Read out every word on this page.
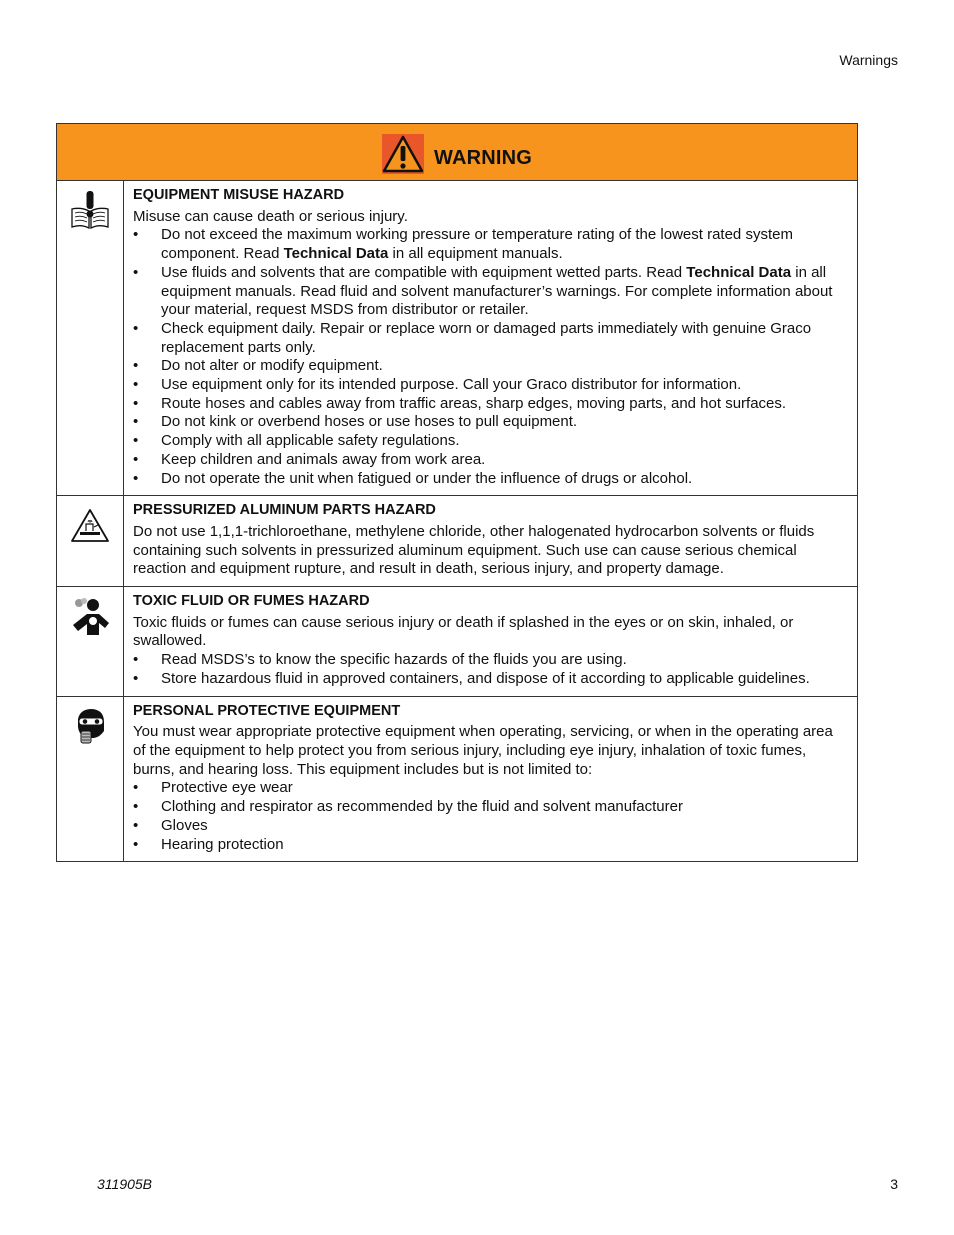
Warnings
WARNING
EQUIPMENT MISUSE HAZARD
Misuse can cause death or serious injury.
• Do not exceed the maximum working pressure or temperature rating of the lowest rated system component. Read Technical Data in all equipment manuals.
• Use fluids and solvents that are compatible with equipment wetted parts. Read Technical Data in all equipment manuals. Read fluid and solvent manufacturer’s warnings. For complete information about your material, request MSDS from distributor or retailer.
• Check equipment daily. Repair or replace worn or damaged parts immediately with genuine Graco replacement parts only.
• Do not alter or modify equipment.
• Use equipment only for its intended purpose. Call your Graco distributor for information.
• Route hoses and cables away from traffic areas, sharp edges, moving parts, and hot surfaces.
• Do not kink or overbend hoses or use hoses to pull equipment.
• Comply with all applicable safety regulations.
• Keep children and animals away from work area.
• Do not operate the unit when fatigued or under the influence of drugs or alcohol.
PRESSURIZED ALUMINUM PARTS HAZARD
Do not use 1,1,1-trichloroethane, methylene chloride, other halogenated hydrocarbon solvents or fluids containing such solvents in pressurized aluminum equipment. Such use can cause serious chemical reaction and equipment rupture, and result in death, serious injury, and property damage.
TOXIC FLUID OR FUMES HAZARD
Toxic fluids or fumes can cause serious injury or death if splashed in the eyes or on skin, inhaled, or swallowed.
• Read MSDS’s to know the specific hazards of the fluids you are using.
• Store hazardous fluid in approved containers, and dispose of it according to applicable guidelines.
PERSONAL PROTECTIVE EQUIPMENT
You must wear appropriate protective equipment when operating, servicing, or when in the operating area of the equipment to help protect you from serious injury, including eye injury, inhalation of toxic fumes, burns, and hearing loss. This equipment includes but is not limited to:
• Protective eye wear
• Clothing and respirator as recommended by the fluid and solvent manufacturer
• Gloves
• Hearing protection
311905B	3
